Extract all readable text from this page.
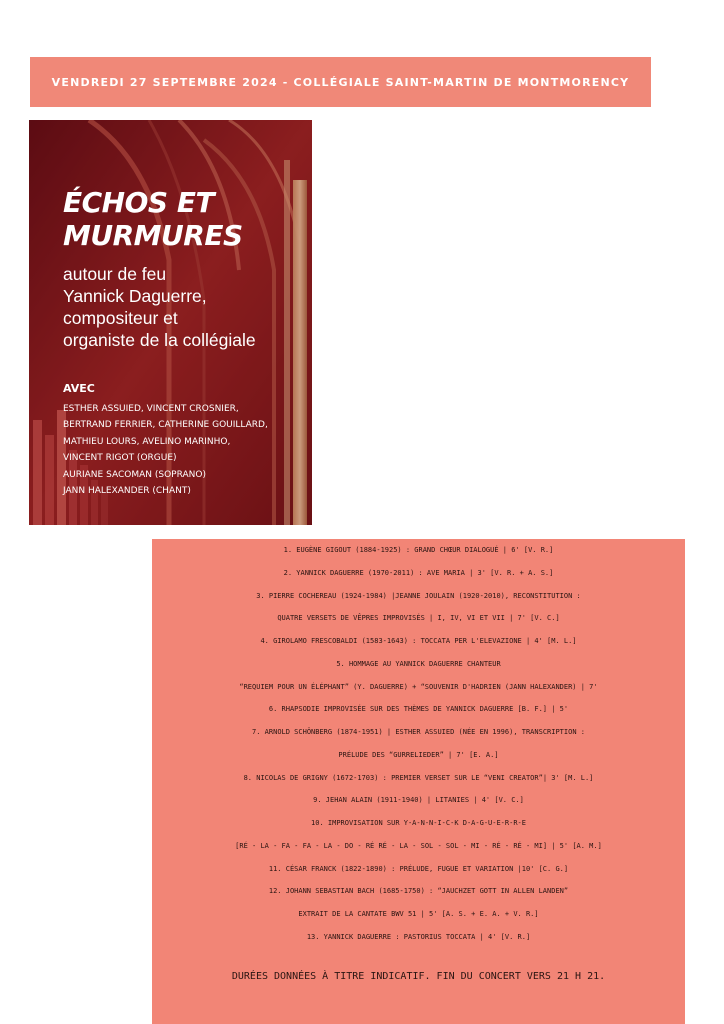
VENDREDI 27 SEPTEMBRE 2024 - COLLÉGIALE SAINT-MARTIN DE MONTMORENCY
ÉCHOS ET
MURMURES
autour de feu
Yannick Daguerre,
compositeur et
organiste de la collégiale
AVEC
ESTHER ASSUIED, VINCENT CROSNIER,
BERTRAND FERRIER, CATHERINE GOUILLARD,
MATHIEU LOURS, AVELINO MARINHO,
VINCENT RIGOT (ORGUE)
AURIANE SACOMAN (SOPRANO)
JANN HALEXANDER (CHANT)
1. EUGÈNE GIGOUT (1884-1925) : GRAND CHŒUR DIALOGUÉ | 6' [V. R.]
2. YANNICK DAGUERRE (1970-2011) : AVE MARIA | 3' [V. R. + A. S.]
3. PIERRE COCHEREAU (1924-1984) |JEANNE JOULAIN (1920-2010), RECONSTITUTION :
QUATRE VERSETS DE VÊPRES IMPROVISÉS | I, IV, VI ET VII | 7' [V. C.]
4. GIROLAMO FRESCOBALDI (1583-1643) : TOCCATA PER L'ELEVAZIONE | 4' [M. L.]
5. HOMMAGE AU YANNICK DAGUERRE CHANTEUR
“REQUIEM POUR UN ÉLÉPHANT” (Y. DAGUERRE) + “SOUVENIR D'HADRIEN (JANN HALEXANDER) | 7'
6. RHAPSODIE IMPROVISÉE SUR DES THÈMES DE YANNICK DAGUERRE [B. F.] | 5'
7. ARNOLD SCHÖNBERG (1874-1951) | ESTHER ASSUIED (NÉE EN 1996), TRANSCRIPTION :
PRÉLUDE DES “GURRELIEDER” | 7' [E. A.]
8. NICOLAS DE GRIGNY (1672-1703) : PREMIER VERSET SUR LE “VENI CREATOR”| 3' [M. L.]
9. JEHAN ALAIN (1911-1940) | LITANIES | 4' [V. C.]
10. IMPROVISATION SUR Y-A-N-N-I-C-K D-A-G-U-E-R-R-E
[RÉ - LA - FA - FA - LA - DO - RÉ RÉ - LA - SOL - SOL - MI - RÉ - RÉ - MI] | 5' [A. M.]
11. CÉSAR FRANCK (1822-1890) : PRÉLUDE, FUGUE ET VARIATION |10' [C. G.]
12. JOHANN SEBASTIAN BACH (1685-1750) : “JAUCHZET GOTT IN ALLEN LANDEN”
EXTRAIT DE LA CANTATE BWV 51 | 5' [A. S. + E. A. + V. R.]
13. YANNICK DAGUERRE : PASTORIUS TOCCATA | 4' [V. R.]
DURÉES DONNÉES À TITRE INDICATIF. FIN DU CONCERT VERS 21 H 21.
